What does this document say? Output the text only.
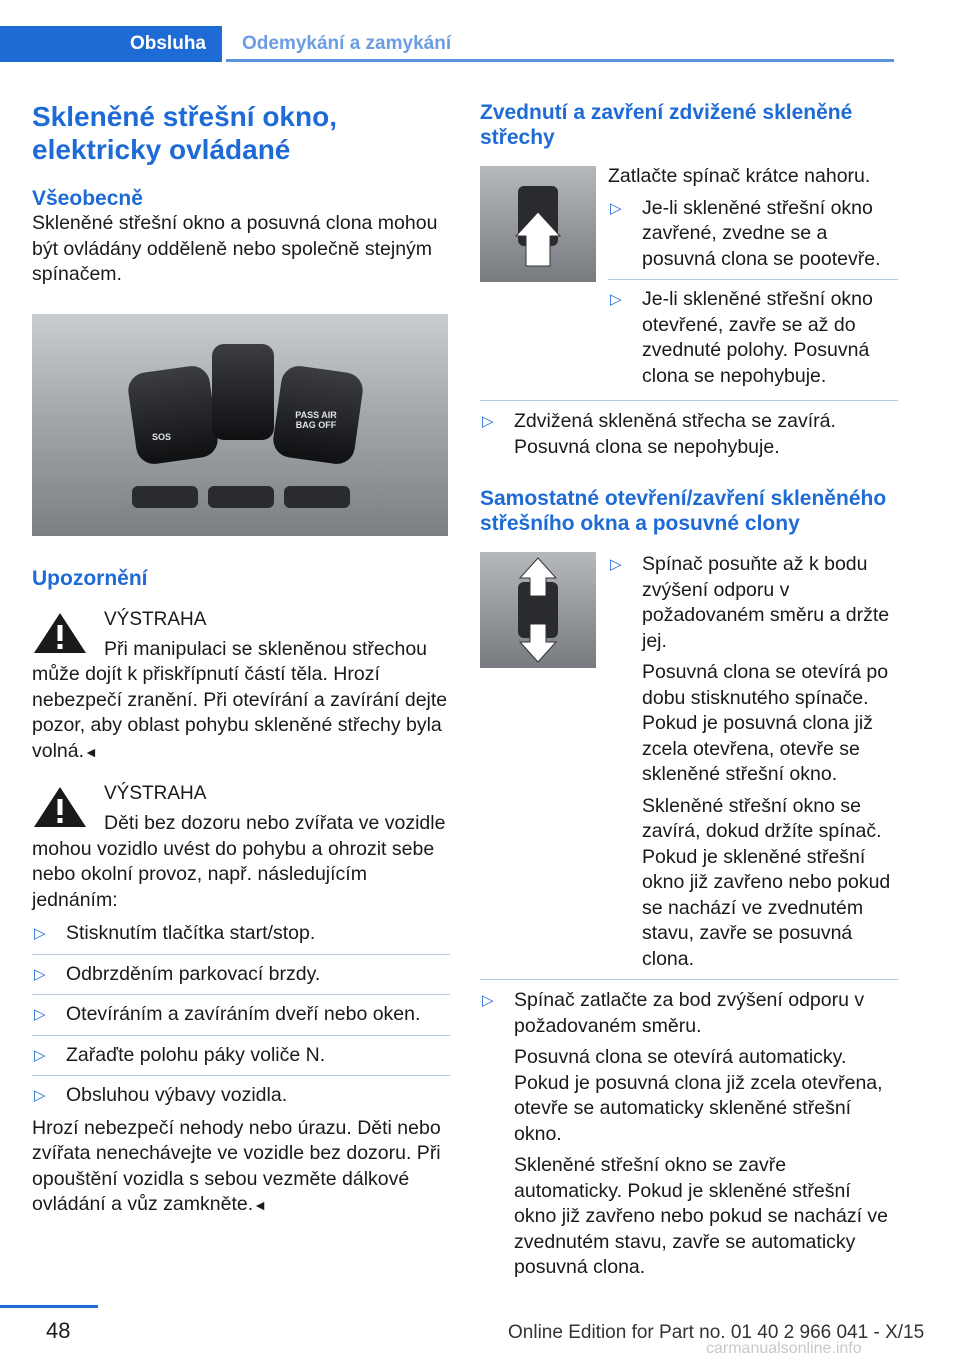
Obsluha	Odemykání a zamykání
Skleněné střešní okno, elektricky ovládané
Všeobecně

Skleněné střešní okno a posuvná clona mohou být ovládány odděleně nebo společně stejným spínačem.

SOS
PASS AIR BAG OFF
Upozornění
VÝSTRAHA

Při manipulaci se skleněnou střechou může dojít k přiskřípnutí částí těla. Hrozí nebezpečí zranění. Při otevírání a zavírání dejte pozor, aby oblast pohybu skleněné střechy byla volná.◄

VÝSTRAHA

Děti bez dozoru nebo zvířata ve vozidle mohou vozidlo uvést do pohybu a ohrozit sebe nebo okolní provoz, např. následujícím jednáním:

▷ Stisknutím tlačítka start/stop.
▷ Odbrzděním parkovací brzdy.
▷ Otevíráním a zavíráním dveří nebo oken.
▷ Zařaďte polohu páky voliče N.
▷ Obsluhou výbavy vozidla.

Hrozí nebezpečí nehody nebo úrazu. Děti nebo zvířata nenechávejte ve vozidle bez dozoru. Při opouštění vozidla s sebou vezměte dálkové ovládání a vůz zamkněte.◄

Zvednutí a zavření zdvižené skleněné střechy

Zatlačte spínač krátce nahoru.

▷ Je-li skleněné střešní okno zavřené, zvedne se a posuvná clona se pootevře.
▷ Je-li skleněné střešní okno otevřené, zavře se až do zvednuté polohy. Posuvná clona se nepohybuje.
▷ Zdvižená skleněná střecha se zavírá. Posuvná clona se nepohybuje.
Samostatné otevření/zavření skleněného střešního okna a posuvné clony
▷ Spínač posuňte až k bodu zvýšení odporu v požadovaném směru a držte jej.

Posuvná clona se otevírá po dobu stisknutého spínače. Pokud je posuvná clona již zcela otevřena, otevře se skleněné střešní okno.

Skleněné střešní okno se zavírá, dokud držíte spínač. Pokud je skleněné střešní okno již zavřeno nebo pokud se nachází ve zvednutém stavu, zavře se posuvná clona.

▷ Spínač zatlačte za bod zvýšení odporu v požadovaném směru.

Posuvná clona se otevírá automaticky. Pokud je posuvná clona již zcela otevřena, otevře se automaticky skleněné střešní okno.

Skleněné střešní okno se zavře automaticky. Pokud je skleněné střešní okno již zavřeno nebo pokud se nachází ve zvednutém stavu, zavře se automaticky posuvná clona.

48	Online Edition for Part no. 01 40 2 966 041 - X/15
carmanualsonline.info
